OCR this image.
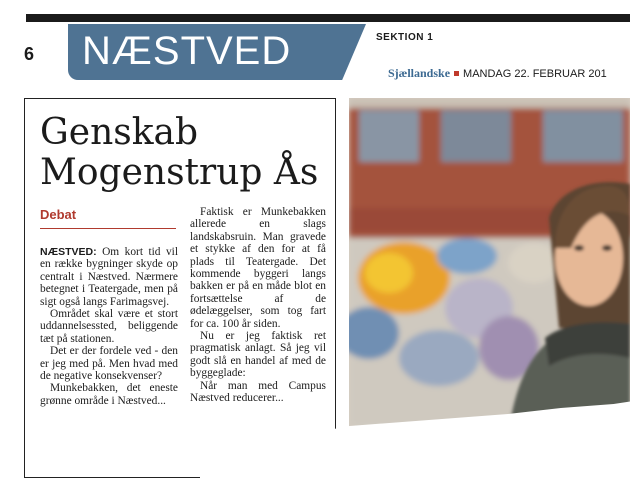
6 NÆSTVED	SEKTION 1
Sjællandske MANDAG 22. FEBRUAR 201
Genskab
Mogenstrup Ås
Debat

NÆSTVED: Om kort tid vil en række bygninger skyde op centralt i Næstved. Nærmere betegnet i Teatergade, men på sigt også langs Farimagsvej.

Området skal være et stort uddannelsessted, beliggende tæt på stationen.

Det er der fordele ved - den er jeg med på. Men hvad med de negative konsekvenser?

Munkebakken, det eneste grønne område i Næstved...

Faktisk er Munkebakken allerede en slags landskabsruin. Man gravede et stykke af den for at få plads til Teatergade. Det kommende byggeri langs bakken er på en måde blot en fortsættelse af de ødelæggelser, som tog fart for ca. 100 år siden.

Nu er jeg faktisk ret pragmatisk anlagt. Så jeg vil godt slå en handel af med de byggeglade:

Når man med Campus Næstved reducerer...
